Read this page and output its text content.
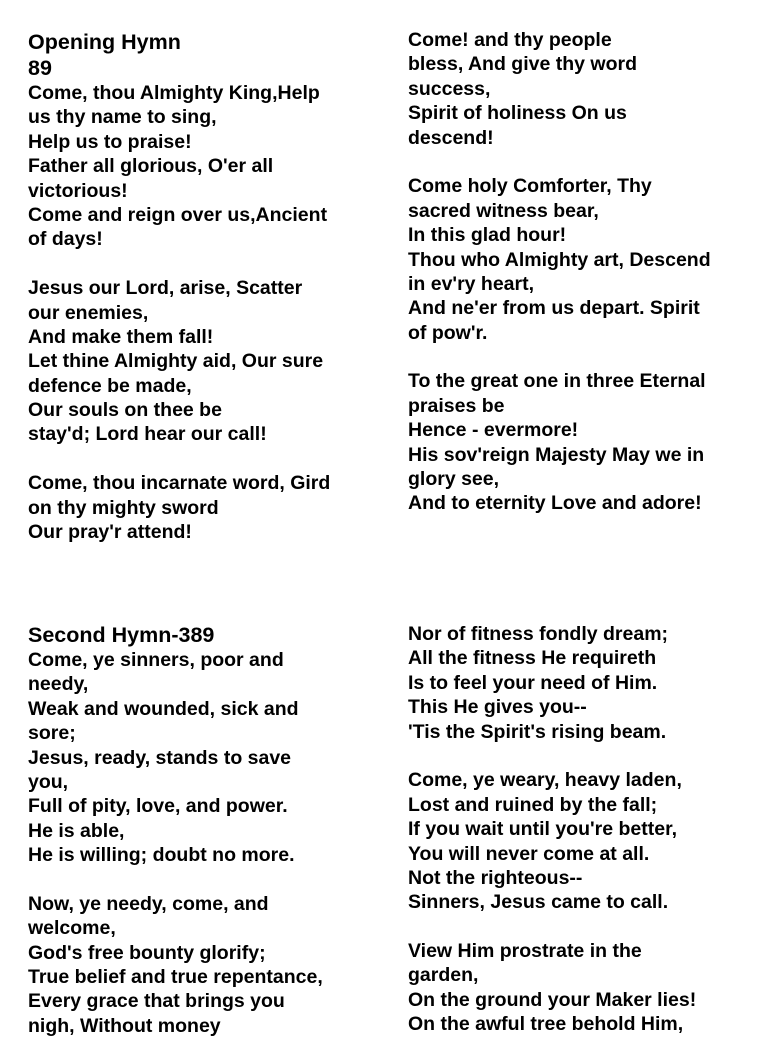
Opening Hymn
89
Come, thou Almighty King,Help
us thy name to sing,
Help us to praise!
Father all glorious, O'er all
victorious!
Come and reign over us,Ancient
of days!
Jesus our Lord, arise, Scatter
our enemies,
And make them fall!
Let thine Almighty aid, Our sure
defence be made,
Our souls on thee be
stay'd; Lord hear our call!
Come, thou incarnate word, Gird
on thy mighty sword
Our pray'r attend!
Come! and thy people
bless, And give thy word
success,
Spirit of holiness On us
descend!
Come holy Comforter, Thy
sacred witness bear,
In this glad hour!
Thou who Almighty art, Descend
in ev'ry heart,
And ne'er from us depart. Spirit
of pow'r.
To the great one in three Eternal
praises be
Hence - evermore!
His sov'reign Majesty May we in
glory see,
And to eternity Love and adore!
Second Hymn-389
Come, ye sinners, poor and
needy,
Weak and wounded, sick and
sore;
Jesus, ready, stands to save
you,
Full of pity, love, and power.
He is able,
He is willing; doubt no more.
Now, ye needy, come, and
welcome,
God's free bounty glorify;
True belief and true repentance,
Every grace that brings you
nigh, Without money
Nor of fitness fondly dream;
All the fitness He requireth
Is to feel your need of Him.
This He gives you--
'Tis the Spirit's rising beam.
Come, ye weary, heavy laden,
Lost and ruined by the fall;
If you wait until you're better,
You will never come at all.
Not the righteous--
Sinners, Jesus came to call.
View Him prostrate in the
garden,
On the ground your Maker lies!
On the awful tree behold Him,
